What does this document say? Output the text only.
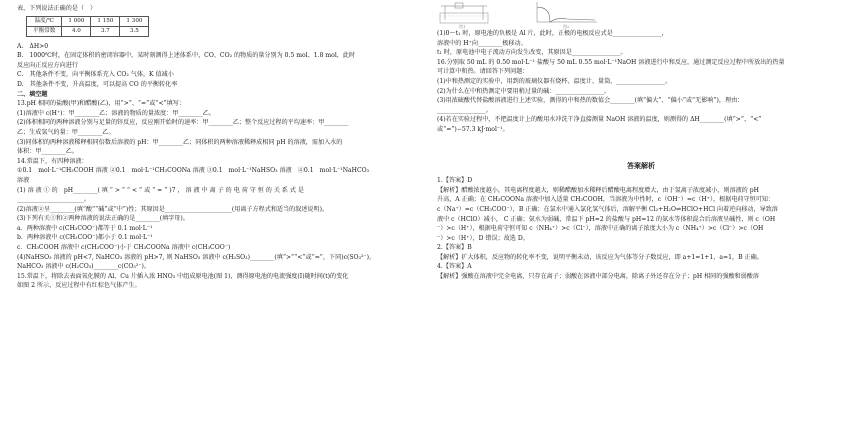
表，下列说法正确的是（　）

温度/℃	1 000	1 150	1 300
平衡常数	4.0	3.7	3.5

A.　ΔH>0

B.　1000℃时，在固定体积的密闭容器中，某时刻测得上述体系中，CO、CO₂ 的物质的量分别为 0.5 mol、1.8 mol，此时

反应向正反应方向进行

C.　其他条件不变，向平衡体系充入 CO₂ 气体，K 值减小

D.　其他条件不变，升高温度，可以提高 CO 的平衡转化率

二、填空题

13.pH 相同的盐酸(甲)和醋酸(乙)，用“>”、“=”或“<”填写：

(1)溶液中 c(H⁺)：甲________乙；溶液的物质的量浓度：甲________乙。

(2)体积相同的两种溶液分别与足量的锌反应，反应刚开始时的速率：甲________乙；整个反应过程的平均速率：甲________

乙；生成氢气的量：甲________乙。

(3)同体积的两种溶液稀释相同倍数后溶液的 pH：甲________乙；同体积的两种溶液稀释成相同 pH 的溶液，需加入水的

体积：甲________乙。

14.常温下，有四种溶液：

①0.1　mol·L⁻¹CH₃COOH 溶液 ②0.1　mol·L⁻¹CH₃COONa 溶液 ③0.1　mol·L⁻¹NaHSO₃ 溶液　④0.1　mol·L⁻¹NaHCO₃

溶液

(1) 溶 液 ① 的　pH________( 填 “ > ” “ < ” 或 “ = ” )7 ， 溶 液 中 离 子 的 电 荷 守 恒 的 关 系 式 是

______________________。

(2)溶液②呈________(填“酸”“碱”或“中”)性；其原因是______________________(用离子方程式和适当的叙述说明)。

(3)下列有关①和②两种溶液的说法正确的是________(填字母)。

a．两种溶液中 c(CH₃COO⁻)都等于 0.1 mol·L⁻¹

b．两种溶液中 c(CH₃COO⁻)都小于 0.1 mol·L⁻¹

c．CH₃COOH 溶液中 c(CH₃COO⁻)小于 CH₃COONa 溶液中 c(CH₃COO⁻)

(4)NaHSO₃ 溶液的 pH<7, NaHCO₃ 溶液的 pH>7, 则 NaHSO₃ 溶液中 c(H₂SO₃)________(填“>”“<”或“=”，下同)c(SO₃²⁻)，

NaHCO₃ 溶液中 c(H₂CO₃)________c(CO₃²⁻)。

15.常温下，将除去表面氧化膜的 Al、Cu 片插入浓 HNO₃ 中组成原电池(图 1)，测得原电池的电流强度(I)随时间(t)的变化

如图 2 所示，反应过程中有红棕色气体产生。

图1	图2

(1)0～t₁ 时，原电池的负极是 Al 片，此时，正极的电极反应式是________________，

溶液中的 H⁺向________极移动。

t₁ 时，原电池中电子流动方向发生改变，其原因是________________。

16.分别取 50 mL 的 0.50 mol·L⁻¹ 盐酸与 50 mL 0.55 mol·L⁻¹NaOH 溶液进行中和反应，通过测定反应过程中所放出的热量

可计算中和热。请回答下列问题：

(1)中和热测定的实验中，用到的玻璃仪器有烧杯、温度计、量筒、________________。

(2)为什么在中和热测定中要用稍过量的碱：________________。

(3)用浓硫酸代替盐酸溶液进行上述实验，测得的中和热的数值会________(填“偏大”、“偏小”或“无影响”)，理由：

________________。

(4)若在实验过程中，不把温度计上的酸用水冲洗干净直接测量 NaOH 溶液的温度，则测得的 ΔH________(填“>”、“<”

或“=”)−57.3 kJ·mol⁻¹。

答案解析

1.【答案】D

【解析】醋酸浓度越小，其电离程度越大，则稀醋酸加水稀释后醋酸电离程度增大，由于氢离子浓度减小，则溶液的 pH

升高，A 正确；在 CH₃COONa 溶液中加入适量 CH₃COOH，当溶液为中性时，c（OH⁻）=c（H⁺），根据电荷守恒可知：

c（Na⁺）=c（CH₃COO⁻），B 正确；在氯水中通入氯化氢气体后，溶解平衡 Cl₂+H₂O⇌HClO+HCl 向着逆向移动，导致溶

液中 c（HClO）减小， C 正确；氨水为弱碱，常温下 pH=2 的盐酸与 pH=12 的氨水等体积混合后溶液呈碱性，则 c（OH

⁻）>c（H⁺），根据电荷守恒可知 c（NH₄⁺）>c（Cl⁻），溶液中正确的离子浓度大小为 c（NH₄⁺）>c（Cl⁻）>c（OH

⁻）>c（H⁺），D 错误；故选 D。

2.【答案】B

【解析】扩大体积，反应物的转化率不变，说明平衡未动，该反应为气体等分子数反应，即 a+1=1+1，a=1，B 正确。

4.【答案】A

【解析】强酸在溶液中完全电离，只存在离子；弱酸在溶液中部分电离，除离子外还存在分子；pH 相同的强酸和弱酸溶
